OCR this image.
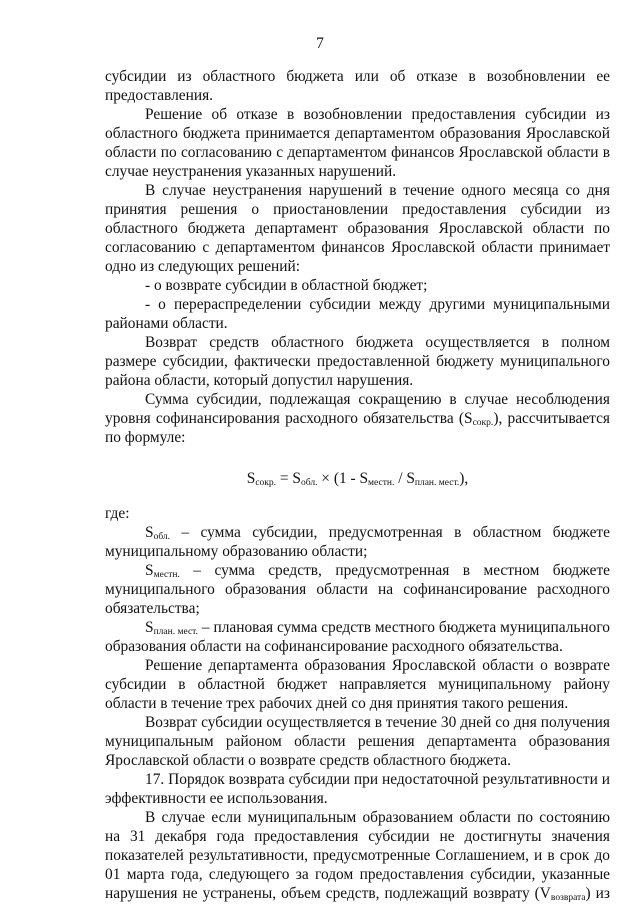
7

субсидии из областного бюджета или об отказе в возобновлении ее предоставления.

Решение об отказе в возобновлении предоставления субсидии из областного бюджета принимается департаментом образования Ярославской области по согласованию с департаментом финансов Ярославской области в случае неустранения указанных нарушений.

В случае неустранения нарушений в течение одного месяца со дня принятия решения о приостановлении предоставления субсидии из областного бюджета департамент образования Ярославской области по согласованию с департаментом финансов Ярославской области принимает одно из следующих решений:

- о возврате субсидии в областной бюджет;

- о перераспределении субсидии между другими муниципальными районами области.

Возврат средств областного бюджета осуществляется в полном размере субсидии, фактически предоставленной бюджету муниципального района области, который допустил нарушения.

Сумма субсидии, подлежащая сокращению в случае несоблюдения уровня софинансирования расходного обязательства $(S_{сокр.})$, рассчитывается по формуле:

$S_{сокр.} = S_{обл.} \times (1 - S_{местн.} / S_{план. мест.})$,

где:

$S_{обл.}$ – сумма субсидии, предусмотренная в областном бюджете муниципальному образованию области;

$S_{местн.}$ – сумма средств, предусмотренная в местном бюджете муниципального образования области на софинансирование расходного обязательства;

$S_{план. мест.}$ – плановая сумма средств местного бюджета муниципального образования области на софинансирование расходного обязательства.

Решение департамента образования Ярославской области о возврате субсидии в областной бюджет направляется муниципальному району области в течение трех рабочих дней со дня принятия такого решения.

Возврат субсидии осуществляется в течение 30 дней со дня получения муниципальным районом области решения департамента образования Ярославской области о возврате средств областного бюджета.

17. Порядок возврата субсидии при недостаточной результативности и эффективности ее использования.

В случае если муниципальным образованием области по состоянию на 31 декабря года предоставления субсидии не достигнуты значения показателей результативности, предусмотренные Соглашением, и в срок до 01 марта года, следующего за годом предоставления субсидии, указанные нарушения не устранены, объем средств, подлежащий возврату $(V_{возврата})$ из
